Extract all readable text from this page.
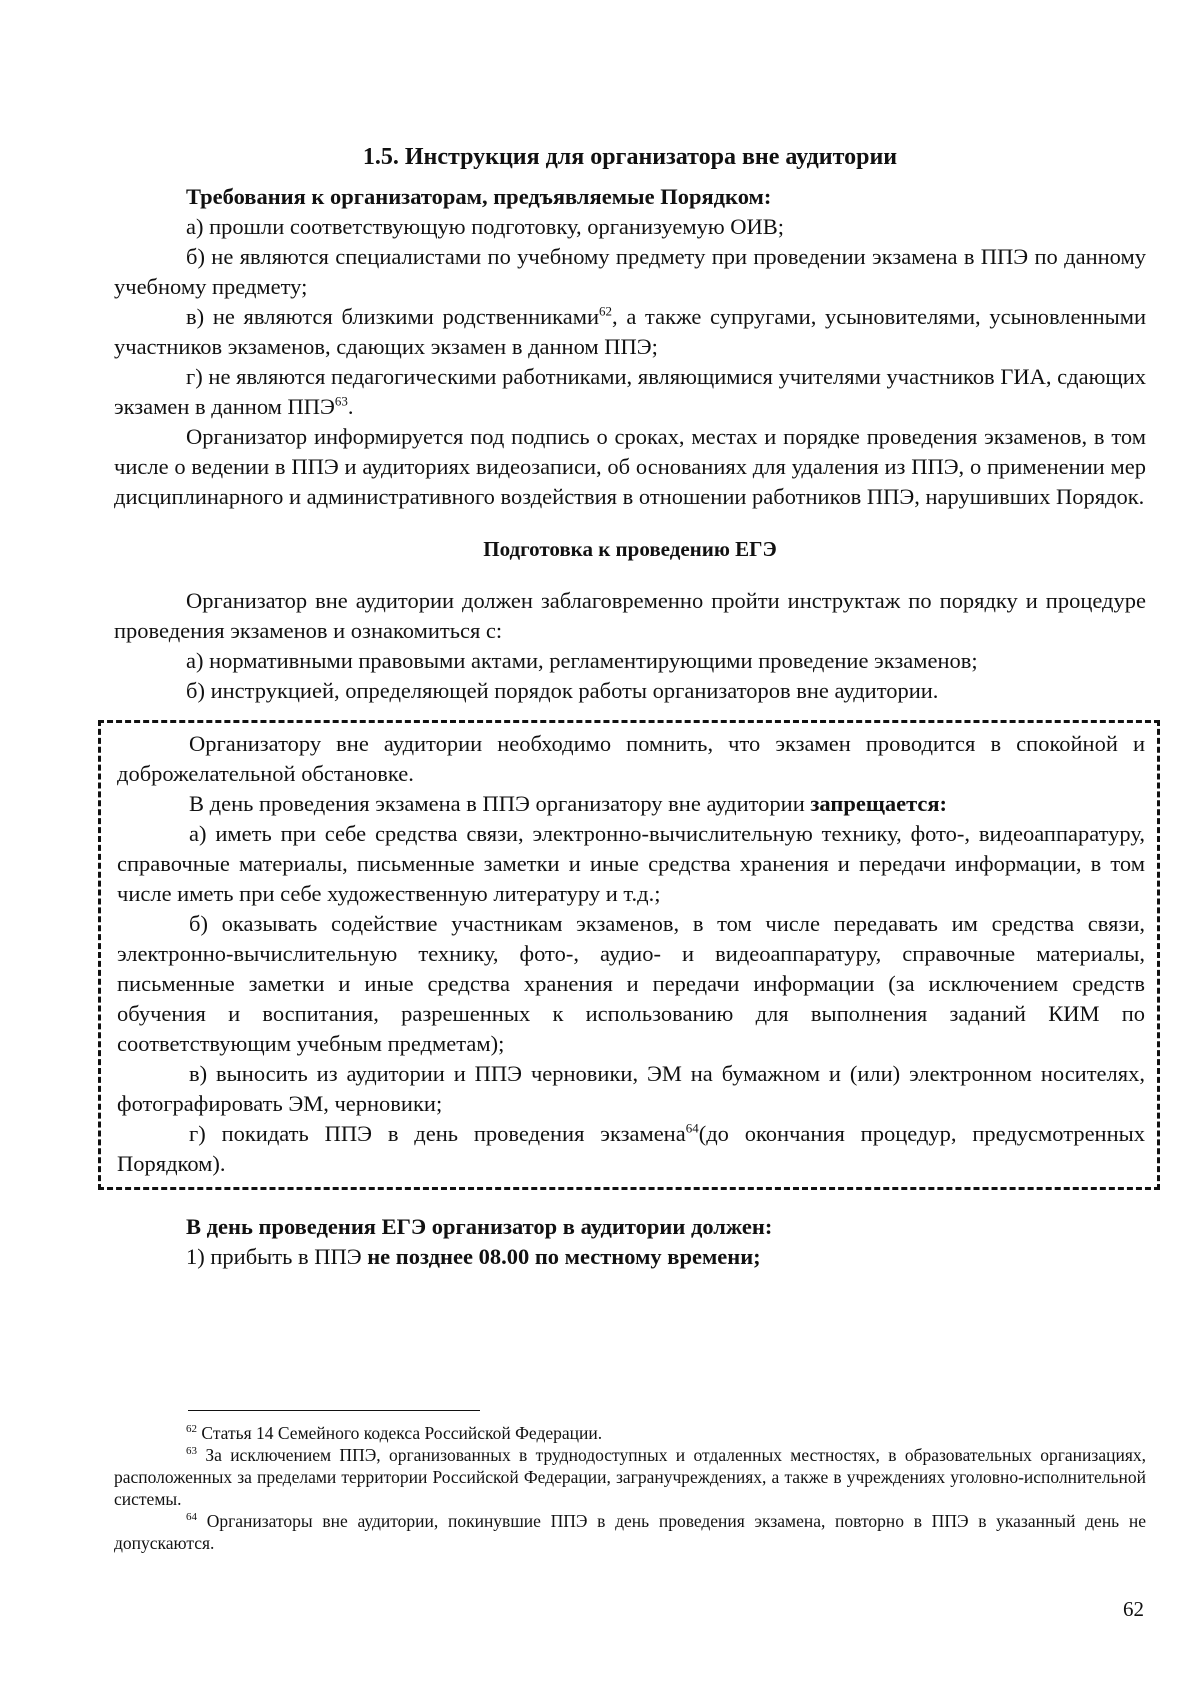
1.5. Инструкция для организатора вне аудитории

Требования к организаторам, предъявляемые Порядком:

а) прошли соответствующую подготовку, организуемую ОИВ;

б) не являются специалистами по учебному предмету при проведении экзамена в ППЭ по данному учебному предмету;

в) не являются близкими родственниками$^{62}$, а также супругами, усыновителями, усыновленными участников экзаменов, сдающих экзамен в данном ППЭ;

г) не являются педагогическими работниками, являющимися учителями участников ГИА, сдающих экзамен в данном ППЭ$^{63}$.

Организатор информируется под подпись о сроках, местах и порядке проведения экзаменов, в том числе о ведении в ППЭ и аудиториях видеозаписи, об основаниях для удаления из ППЭ, о применении мер дисциплинарного и административного воздействия в отношении работников ППЭ, нарушивших Порядок.

Подготовка к проведению ЕГЭ

Организатор вне аудитории должен заблаговременно пройти инструктаж по порядку и процедуре проведения экзаменов и ознакомиться с:

а) нормативными правовыми актами, регламентирующими проведение экзаменов;

б) инструкцией, определяющей порядок работы организаторов вне аудитории.

Организатору вне аудитории необходимо помнить, что экзамен проводится в спокойной и доброжелательной обстановке.

В день проведения экзамена в ППЭ организатору вне аудитории запрещается:

а) иметь при себе средства связи, электронно-вычислительную технику, фото-, видеоаппаратуру, справочные материалы, письменные заметки и иные средства хранения и передачи информации, в том числе иметь при себе художественную литературу и т.д.;

б) оказывать содействие участникам экзаменов, в том числе передавать им средства связи, электронно-вычислительную технику, фото-, аудио- и видеоаппаратуру, справочные материалы, письменные заметки и иные средства хранения и передачи информации (за исключением средств обучения и воспитания, разрешенных к использованию для выполнения заданий КИМ по соответствующим учебным предметам);

в) выносить из аудитории и ППЭ черновики, ЭМ на бумажном и (или) электронном носителях, фотографировать ЭМ, черновики;

г) покидать ППЭ в день проведения экзамена$^{64}$(до окончания процедур, предусмотренных Порядком).

В день проведения ЕГЭ организатор в аудитории должен:

1) прибыть в ППЭ не позднее 08.00 по местному времени;

$^{62}$ Статья 14 Семейного кодекса Российской Федерации.

$^{63}$ За исключением ППЭ, организованных в труднодоступных и отдаленных местностях, в образовательных организациях, расположенных за пределами территории Российской Федерации, загранучреждениях, а также в учреждениях уголовно-исполнительной системы.

$^{64}$ Организаторы вне аудитории, покинувшие ППЭ в день проведения экзамена, повторно в ППЭ в указанный день не допускаются.

62
